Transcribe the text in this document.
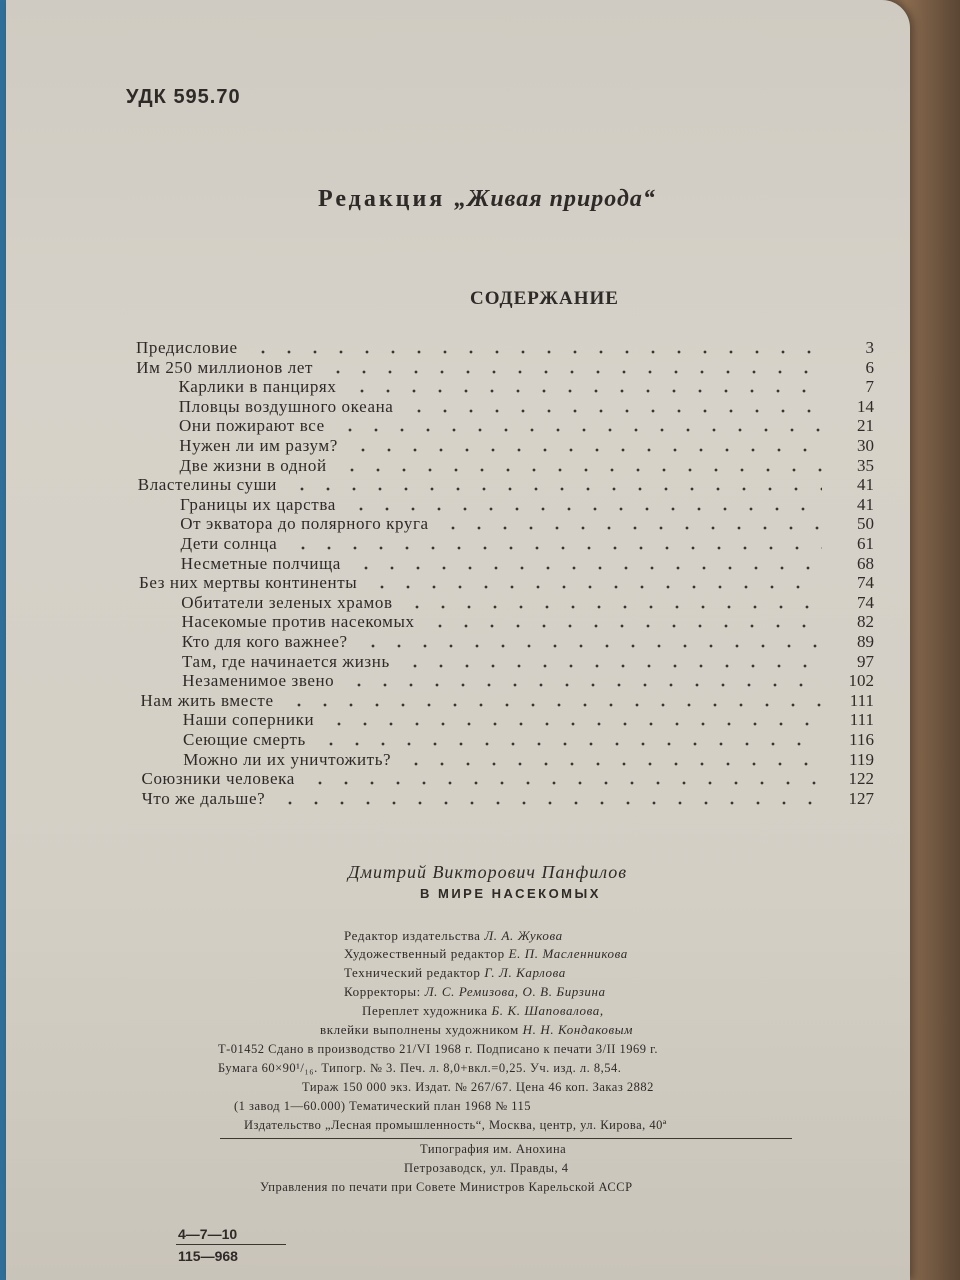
УДК 595.70
Редакция „Живая природа“
СОДЕРЖАНИЕ
Предисловие	3
Им 250 миллионов лет	6
Карлики в панцирях	7
Пловцы воздушного океана	14
Они пожирают все	21
Нужен ли им разум?	30
Две жизни в одной	35
Властелины суши	41
Границы их царства	41
От экватора до полярного круга	50
Дети солнца	61
Несметные полчища	68
Без них мертвы континенты	74
Обитатели зеленых храмов	74
Насекомые против насекомых	82
Кто для кого важнее?	89
Там, где начинается жизнь	97
Незаменимое звено	102
Нам жить вместе	111
Наши соперники	111
Сеющие смерть	116
Можно ли их уничтожить?	119
Союзники человека	122
Что же дальше?	127
Дмитрий Викторович Панфилов
В МИРЕ НАСЕКОМЫХ
Редактор издательства Л. А. Жукова
Художественный редактор Е. П. Масленникова
Технический редактор Г. Л. Карлова
Корректоры: Л. С. Ремизова, О. В. Бирзина
Переплет художника Б. К. Шаповалова,
вклейки выполнены художником Н. Н. Кондаковым
Т-01452 Сдано в производство 21/VI 1968 г. Подписано к печати 3/II 1969 г.
Бумага 60×90¹/₁₆. Типогр. № 3. Печ. л. 8,0+вкл.=0,25. Уч. изд. л. 8,54.
Тираж 150 000 экз. Издат. № 267/67. Цена 46 коп. Заказ 2882
(1 завод 1—60.000) Тематический план 1968 № 115
Издательство „Лесная промышленность“, Москва, центр, ул. Кирова, 40ª
Типография им. Анохина
Петрозаводск, ул. Правды, 4
Управления по печати при Совете Министров Карельской АССР
4—7—10
115—968
